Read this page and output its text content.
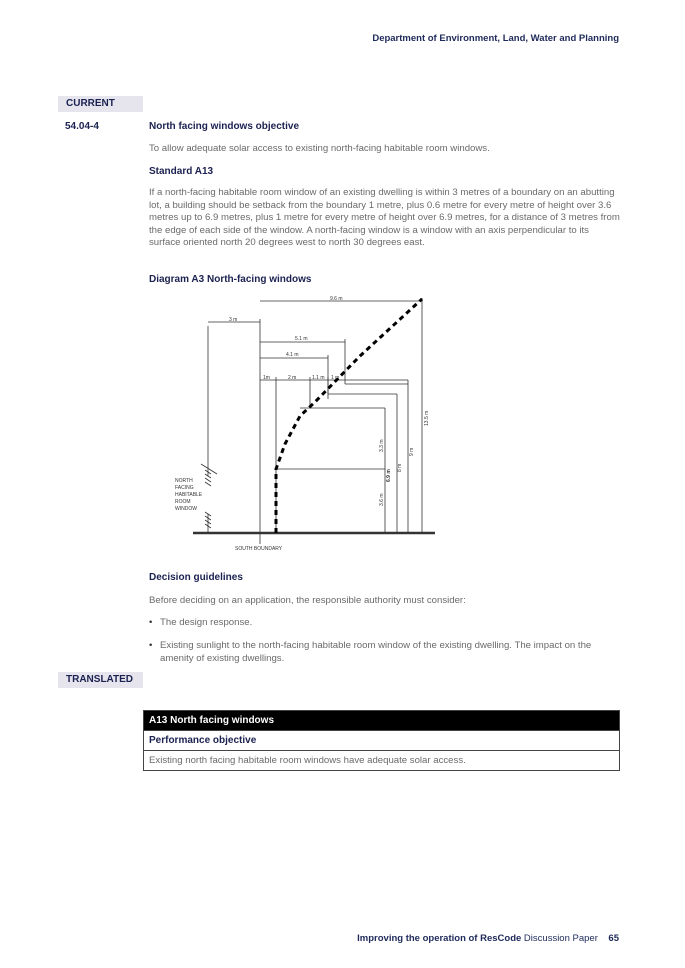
Department of Environment, Land, Water and Planning
CURRENT
54.04-4	North facing windows objective
To allow adequate solar access to existing north-facing habitable room windows.
Standard A13
If a north-facing habitable room window of an existing dwelling is within 3 metres of a boundary on an abutting lot, a building should be setback from the boundary 1 metre, plus 0.6 metre for every metre of height over 3.6 metres up to 6.9 metres, plus 1 metre for every metre of height over 6.9 metres, for a distance of 3 metres from the edge of each side of the window. A north-facing window is a window with an axis perpendicular to its surface oriented north 20 degrees west to north 30 degrees east.
Diagram A3 North-facing windows
9.6 m
3 m
5.1 m
4.1 m
1m	2 m	1.1 m 1 m
3.6 m
3.3 m
6.9 m
8 m
9 m
13.5 m
NORTH
FACING
HABITABLE
ROOM
WINDOW
SOUTH BOUNDARY
Decision guidelines
Before deciding on an application, the responsible authority must consider:
• The design response.
• Existing sunlight to the north-facing habitable room window of the existing dwelling. The impact on the amenity of existing dwellings.
TRANSLATED
A13 North facing windows
Performance objective
Existing north facing habitable room windows have adequate solar access.
Improving the operation of ResCode Discussion Paper 65
